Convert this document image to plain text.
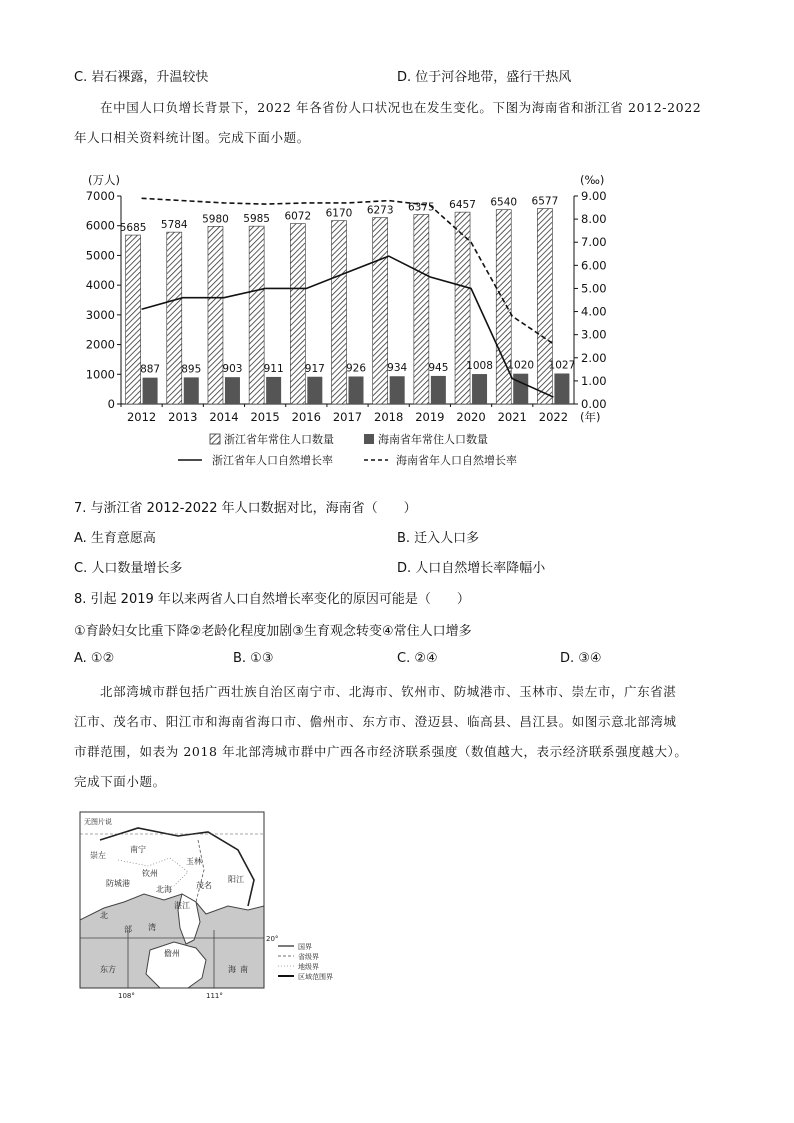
C. 岩石裸露，升温较快	D. 位于河谷地带，盛行干热风

在中国人口负增长背景下，2022 年各省份人口状况也在发生变化。下图为海南省和浙江省 2012-2022

年人口相关资料统计图。完成下面小题。

0
1000
2000
3000
4000
5000
6000
7000
0.00
1.00
2.00
3.00
4.00
5.00
6.00
7.00
8.00
9.00
(万人)	(‰)
2012 2013 2014 2015 2016 2017 2018 2019 2020 2021 2022 (年)
5685
887
5784
895
5980
903
5985
911
6072
917
6170
926
6273
934
6375
945
6457
1008
6540
1020
6577
1027
浙江省年常住人口数量	海南省年常住人口数量
浙江省年人口自然增长率	海南省年人口自然增长率
7. 与浙江省 2012-2022 年人口数据对比，海南省（　　）
A. 生育意愿高	B. 迁入人口多
C. 人口数量增长多	D. 人口自然增长率降幅小
8. 引起 2019 年以来两省人口自然增长率变化的原因可能是（　　）
①育龄妇女比重下降②老龄化程度加剧③生育观念转变④常住人口增多
A. ①②	B. ①③	C. ②④	D. ③④

北部湾城市群包括广西壮族自治区南宁市、北海市、钦州市、防城港市、玉林市、崇左市，广东省湛

江市、茂名市、阳江市和海南省海口市、儋州市、东方市、澄迈县、临高县、昌江县。如图示意北部湾城

市群范围，如表为 2018 年北部湾城市群中广西各市经济联系强度（数值越大，表示经济联系强度越大）。

完成下面小题。

无图片说
崇左
南宁
玉林
钦州
防城港
北海	茂名
阳江
湛江
北
部 湾
儋州
东方	海 南
20°
108°	111°
国界
省级界
地级界
区域范围界
